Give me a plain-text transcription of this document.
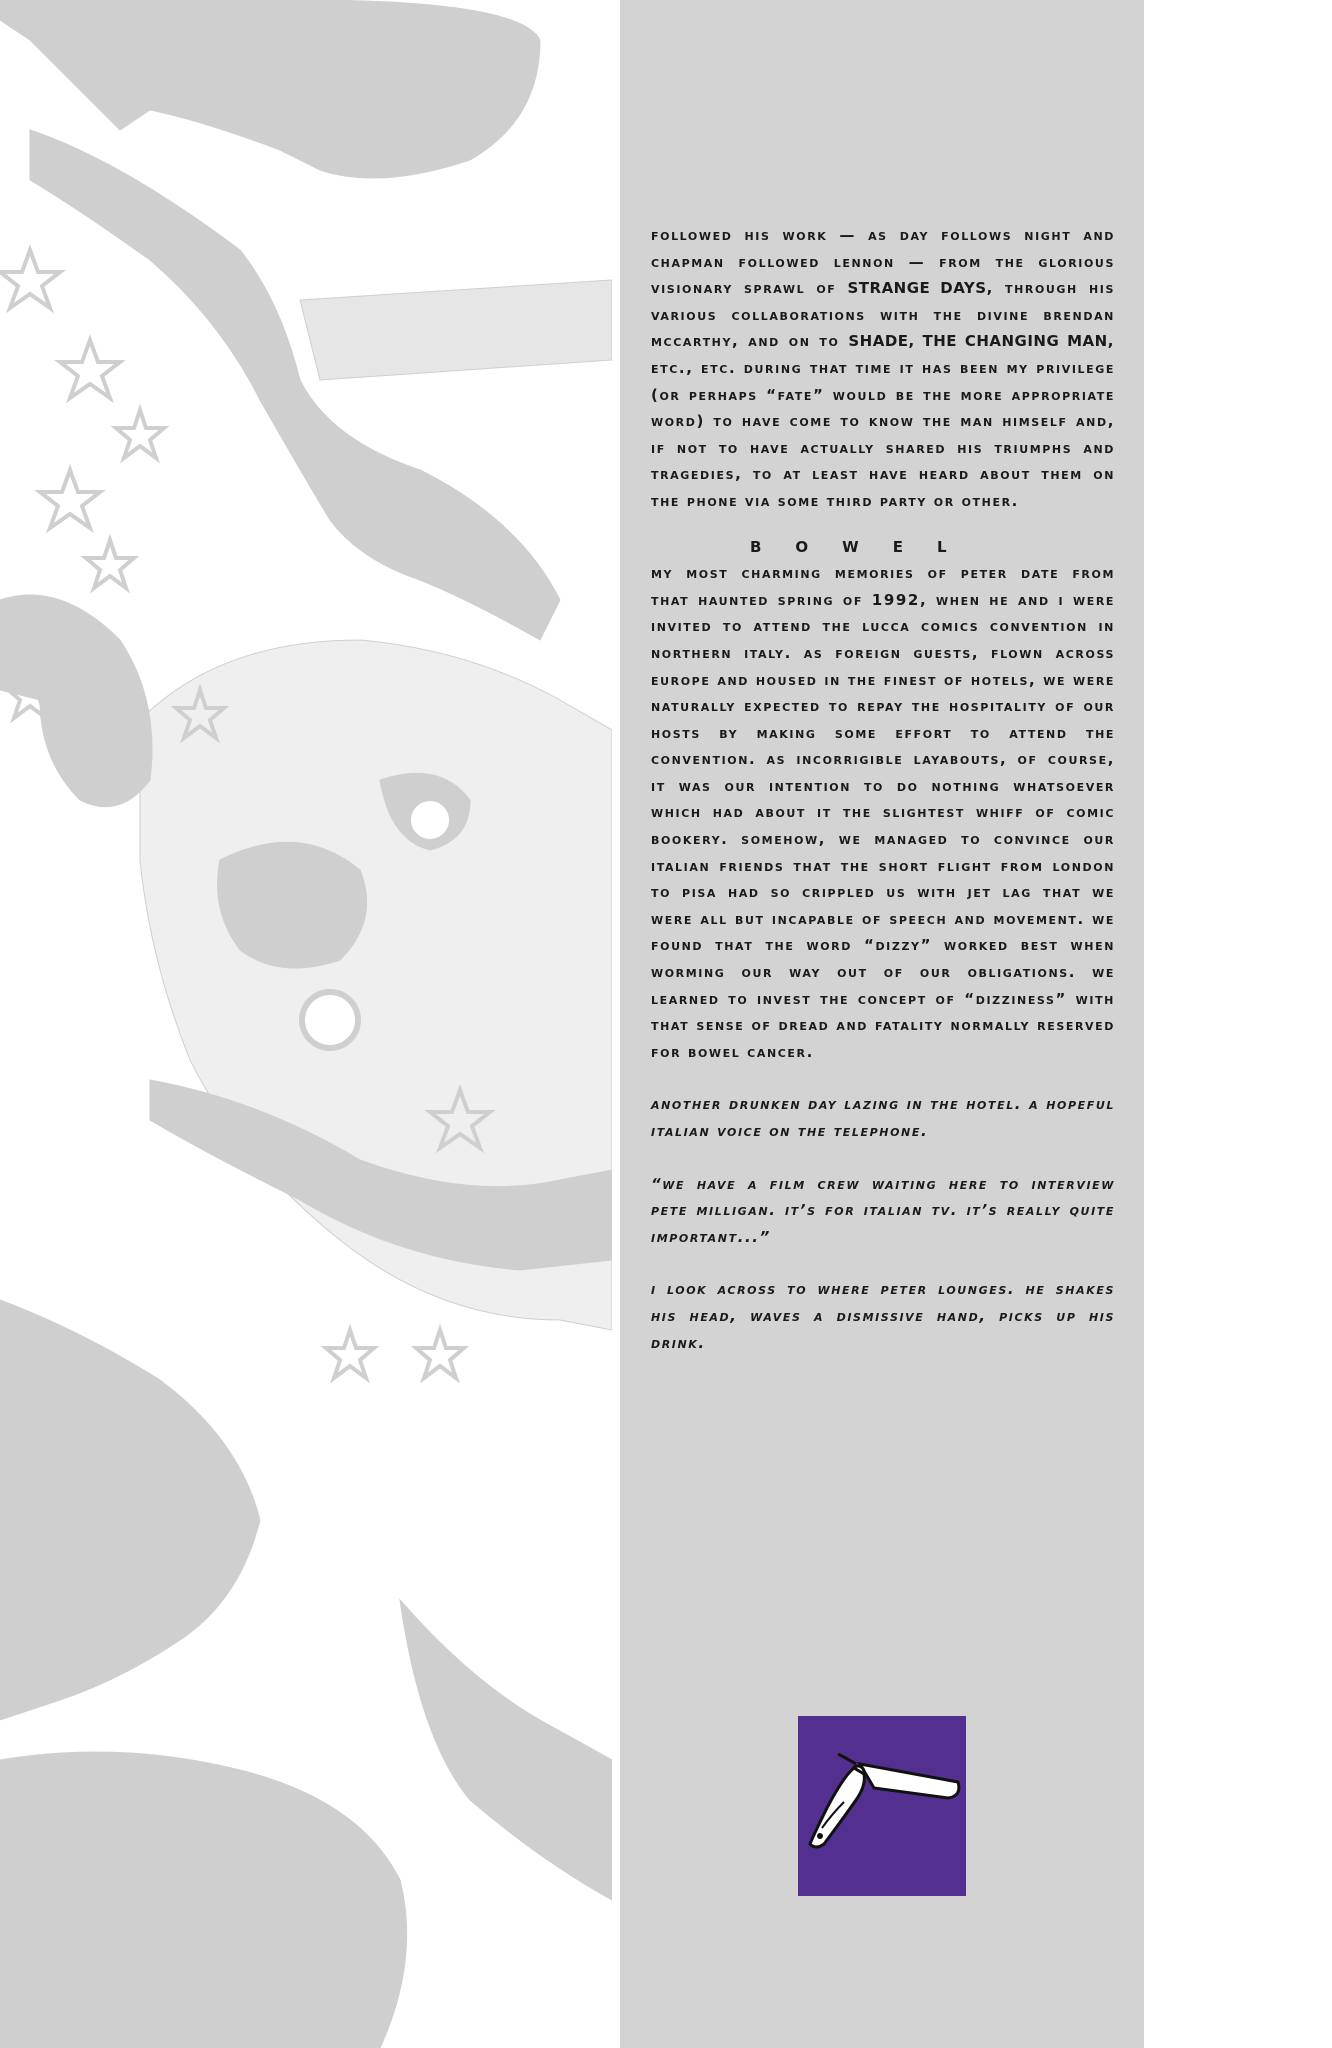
followed his work — as day follows night and chapman followed lennon — from the glorious visionary sprawl of STRANGE DAYS, through his various collaborations with the divine brendan mccarthy, and on to SHADE, THE CHANGING MAN, etc., etc. during that time it has been my privilege (or perhaps “fate” would be the more appropriate word) to have come to know the man himself and, if not to have actually shared his triumphs and tragedies, to at least have heard about them on the phone via some third party or other.

BOWEL

my most charming memories of peter date from that haunted spring of 1992, when he and i were invited to attend the lucca comics convention in northern italy. as foreign guests, flown across europe and housed in the finest of hotels, we were naturally expected to repay the hospitality of our hosts by making some effort to attend the convention. as incorrigible layabouts, of course, it was our intention to do nothing whatsoever which had about it the slightest whiff of comic bookery. somehow, we managed to convince our italian friends that the short flight from london to pisa had so crippled us with jet lag that we were all but incapable of speech and movement. we found that the word “dizzy” worked best when worming our way out of our obligations. we learned to invest the concept of “dizziness” with that sense of dread and fatality normally reserved for bowel cancer.

another drunken day lazing in the hotel. a hopeful italian voice on the telephone.

“we have a film crew waiting here to interview pete milligan. it’s for italian tv. it’s really quite important...”

i look across to where peter lounges. he shakes his head, waves a dismissive hand, picks up his drink.
